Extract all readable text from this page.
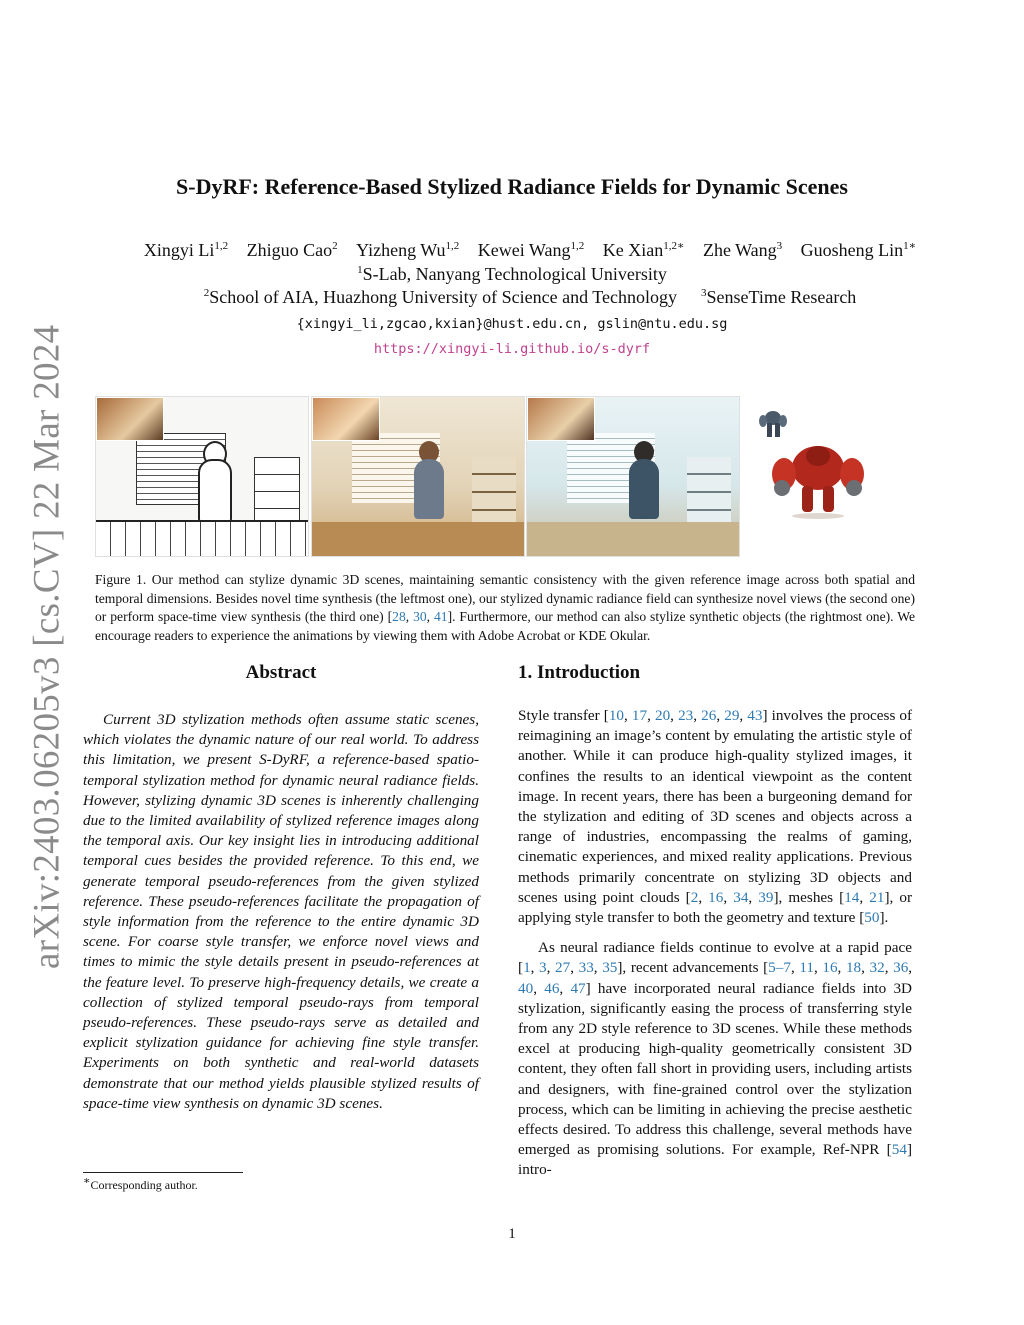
arXiv:2403.06205v3 [cs.CV] 22 Mar 2024
S-DyRF: Reference-Based Stylized Radiance Fields for Dynamic Scenes
Xingyi Li$^{1,2}$ Zhiguo Cao$^2$ Yizheng Wu$^{1,2}$ Kewei Wang$^{1,2}$ Ke Xian$^{1,2∗}$ Zhe Wang$^3$ Guosheng Lin$^{1∗}$
$^1$S-Lab, Nanyang Technological University
$^2$School of AIA, Huazhong University of Science and Technology $^3$SenseTime Research
{xingyi_li,zgcao,kxian}@hust.edu.cn, gslin@ntu.edu.sg
https://xingyi-li.github.io/s-dyrf
Figure 1. Our method can stylize dynamic 3D scenes, maintaining semantic consistency with the given reference image across both spatial and temporal dimensions. Besides novel time synthesis (the leftmost one), our stylized dynamic radiance field can synthesize novel views (the second one) or perform space-time view synthesis (the third one) [28, 30, 41]. Furthermore, our method can also stylize synthetic objects (the rightmost one). We encourage readers to experience the animations by viewing them with Adobe Acrobat or KDE Okular.
Abstract
Current 3D stylization methods often assume static scenes, which violates the dynamic nature of our real world. To address this limitation, we present S-DyRF, a reference-based spatio-temporal stylization method for dynamic neural radiance fields. However, stylizing dynamic 3D scenes is inherently challenging due to the limited availability of stylized reference images along the temporal axis. Our key insight lies in introducing additional temporal cues besides the provided reference. To this end, we generate temporal pseudo-references from the given stylized reference. These pseudo-references facilitate the propagation of style information from the reference to the entire dynamic 3D scene. For coarse style transfer, we enforce novel views and times to mimic the style details present in pseudo-references at the feature level. To preserve high-frequency details, we create a collection of stylized temporal pseudo-rays from temporal pseudo-references. These pseudo-rays serve as detailed and explicit stylization guidance for achieving fine style transfer. Experiments on both synthetic and real-world datasets demonstrate that our method yields plausible stylized results of space-time view synthesis on dynamic 3D scenes.
1. Introduction

Style transfer [10, 17, 20, 23, 26, 29, 43] involves the process of reimagining an image’s content by emulating the artistic style of another. While it can produce high-quality stylized images, it confines the results to an identical viewpoint as the content image. In recent years, there has been a burgeoning demand for the stylization and editing of 3D scenes and objects across a range of industries, encompassing the realms of gaming, cinematic experiences, and mixed reality applications. Previous methods primarily concentrate on stylizing 3D objects and scenes using point clouds [2, 16, 34, 39], meshes [14, 21], or applying style transfer to both the geometry and texture [50].

As neural radiance fields continue to evolve at a rapid pace [1, 3, 27, 33, 35], recent advancements [5–7, 11, 16, 18, 32, 36, 40, 46, 47] have incorporated neural radiance fields into 3D stylization, significantly easing the process of transferring style from any 2D style reference to 3D scenes. While these methods excel at producing high-quality geometrically consistent 3D content, they often fall short in providing users, including artists and designers, with fine-grained control over the stylization process, which can be limiting in achieving the precise aesthetic effects desired. To address this challenge, several methods have emerged as promising solutions. For example, Ref-NPR [54] intro-

∗Corresponding author.
1
